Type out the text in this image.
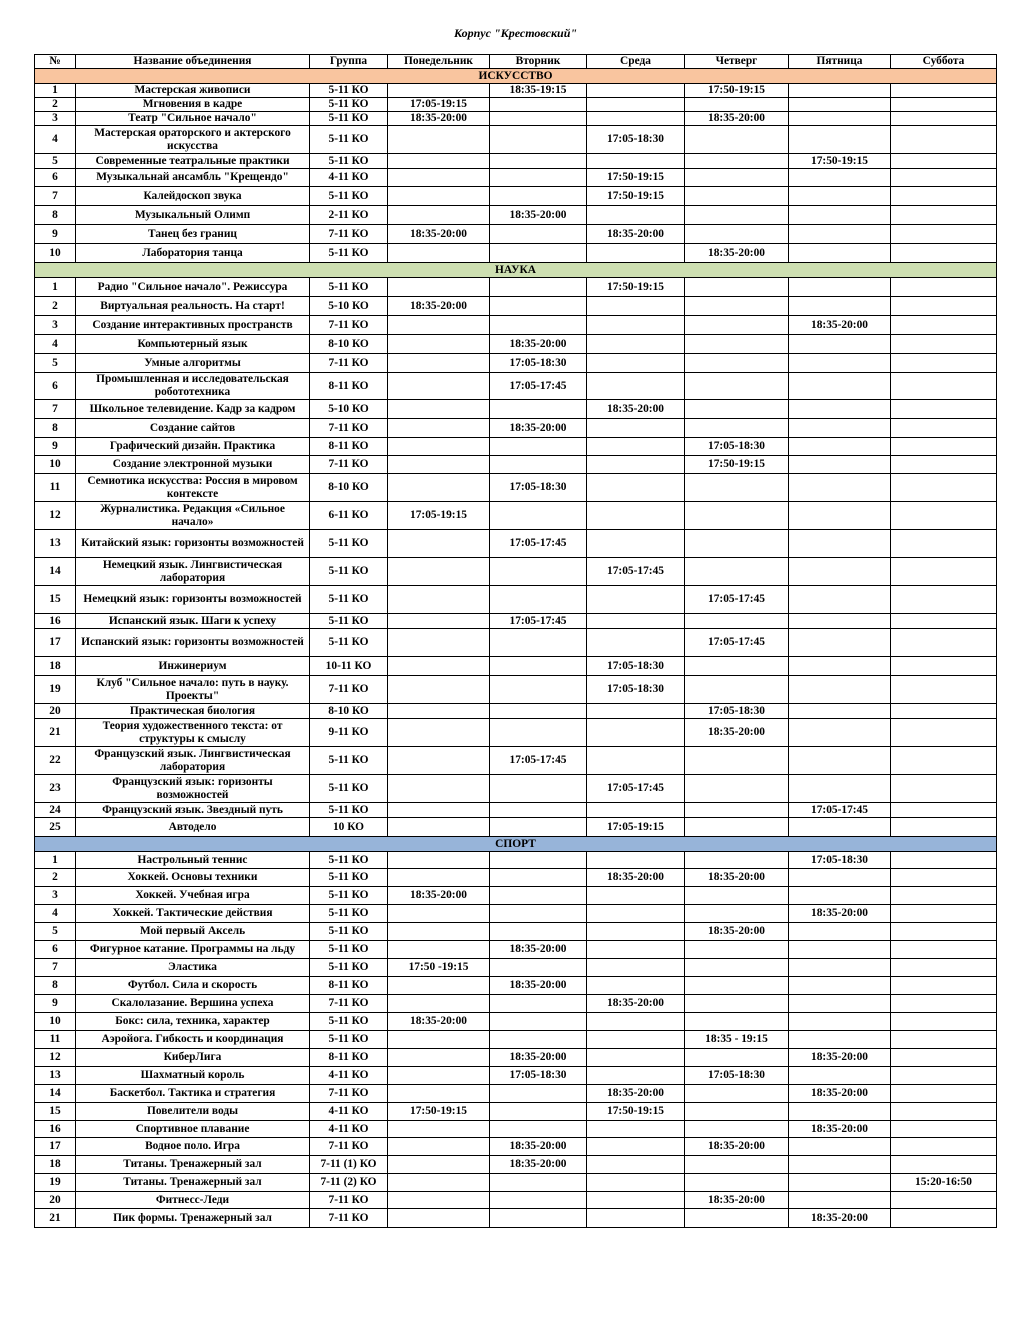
Корпус "Крестовский"
№	Название объединения	Группа	Понедельник	Вторник	Среда	Четверг	Пятница	Суббота
ИСКУССТВО								
1	Мастерская живописи	5-11 КО		18:35-19:15		17:50-19:15		
2	Мгновения в кадре	5-11 КО	17:05-19:15					
3	Театр "Сильное начало"	5-11 КО	18:35-20:00			18:35-20:00		
4	Мастерская ораторского и актерского искусства	5-11 КО			17:05-18:30			
5	Современные театральные практики	5-11 КО					17:50-19:15	
6	Музыкальнай ансамбль "Крещендо"	4-11 КО			17:50-19:15			
7	Калейдоскоп звука	5-11 КО			17:50-19:15			
8	Музыкальный Олимп	2-11 КО		18:35-20:00				
9	Танец без границ	7-11 КО	18:35-20:00		18:35-20:00			
10	Лаборатория танца	5-11 КО				18:35-20:00		
НАУКА								
1	Радио "Сильное начало". Режиссура	5-11 КО			17:50-19:15			
2	Виртуальная реальность. На старт!	5-10 КО	18:35-20:00					
3	Создание интерактивных пространств	7-11 КО					18:35-20:00	
4	Компьютерный язык	8-10 КО		18:35-20:00				
5	Умные алгоритмы	7-11 КО		17:05-18:30				
6	Промышленная и исследовательская робототехника	8-11 КО		17:05-17:45				
7	Школьное телевидение. Кадр за кадром	5-10 КО			18:35-20:00			
8	Создание сайтов	7-11 КО		18:35-20:00				
9	Графический дизайн. Практика	8-11 КО				17:05-18:30		
10	Создание электронной музыки	7-11 КО				17:50-19:15		
11	Семиотика искусства: Россия в мировом контексте	8-10 КО		17:05-18:30				
12	Журналистика. Редакция «Сильное начало»	6-11 КО	17:05-19:15					
13	Китайский язык: горизонты возможностей	5-11 КО		17:05-17:45				
14	Немецкий язык. Лингвистическая лаборатория	5-11 КО			17:05-17:45			
15	Немецкий язык: горизонты возможностей	5-11 КО				17:05-17:45		
16	Испанский язык. Шаги к успеху	5-11 КО		17:05-17:45				
17	Испанский язык: горизонты возможностей	5-11 КО				17:05-17:45		
18	Инжинериум	10-11 КО			17:05-18:30			
19	Клуб "Сильное начало: путь в науку. Проекты"	7-11 КО			17:05-18:30			
20	Практическая биология	8-10 КО				17:05-18:30		
21	Теория художественного текста: от структуры к смыслу	9-11 КО				18:35-20:00		
22	Французский язык. Лингвистическая лаборатория	5-11 КО		17:05-17:45				
23	Французский язык: горизонты возможностей	5-11 КО			17:05-17:45			
24	Французский язык. Звездный путь	5-11 КО					17:05-17:45	
25	Автодело	10 КО			17:05-19:15			
СПОРТ								
1	Настрольный теннис	5-11 КО					17:05-18:30	
2	Хоккей. Основы техники	5-11 КО			18:35-20:00	18:35-20:00		
3	Хоккей. Учебная игра	5-11 КО	18:35-20:00					
4	Хоккей. Тактические действия	5-11 КО					18:35-20:00	
5	Мой первый Аксель	5-11 КО				18:35-20:00		
6	Фигурное катание. Программы на льду	5-11 КО		18:35-20:00				
7	Эластика	5-11 КО	17:50 -19:15					
8	Футбол. Сила и скорость	8-11 КО		18:35-20:00				
9	Скалолазание. Вершина успеха	7-11 КО			18:35-20:00			
10	Бокс: сила, техника, характер	5-11 КО	18:35-20:00					
11	Аэройога. Гибкость и координация	5-11 КО				18:35 - 19:15		
12	КиберЛига	8-11 КО		18:35-20:00			18:35-20:00	
13	Шахматный король	4-11 КО		17:05-18:30		17:05-18:30		
14	Баскетбол. Тактика и стратегия	7-11 КО			18:35-20:00		18:35-20:00	
15	Повелители воды	4-11 КО	17:50-19:15		17:50-19:15			
16	Спортивное плавание	4-11 КО					18:35-20:00	
17	Водное поло. Игра	7-11 КО		18:35-20:00		18:35-20:00		
18	Титаны. Тренажерный зал	7-11 (1) КО		18:35-20:00				
19	Титаны. Тренажерный зал	7-11 (2) КО						15:20-16:50
20	Фитнесс-Леди	7-11 КО				18:35-20:00		
21	Пик формы. Тренажерный зал	7-11 КО					18:35-20:00	
